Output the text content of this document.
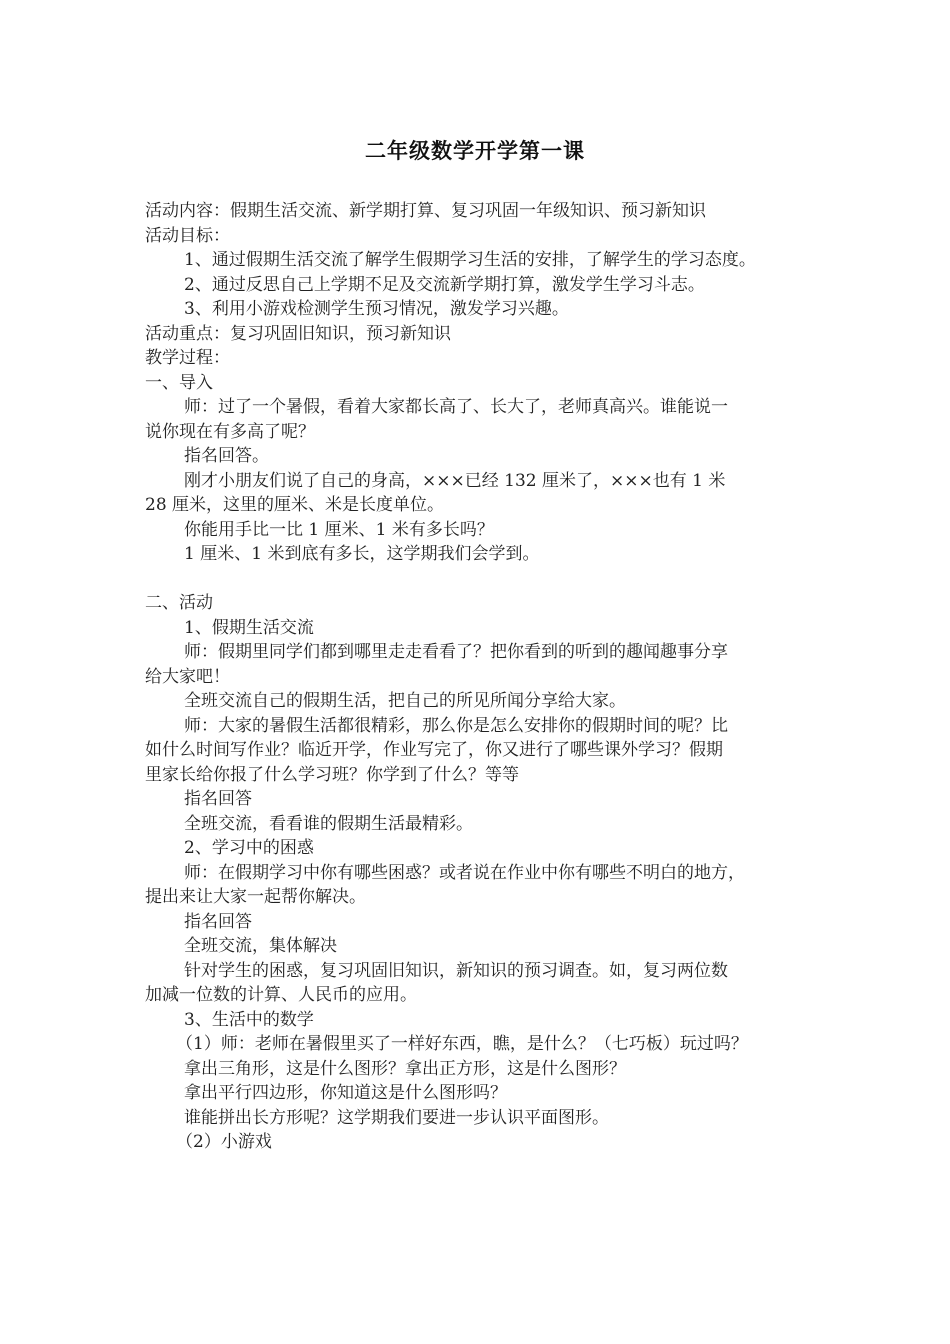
二年级数学开学第一课
活动内容：假期生活交流、新学期打算、复习巩固一年级知识、预习新知识
活动目标：
1、通过假期生活交流了解学生假期学习生活的安排，了解学生的学习态度。
2、通过反思自己上学期不足及交流新学期打算，激发学生学习斗志。
3、利用小游戏检测学生预习情况，激发学习兴趣。
活动重点：复习巩固旧知识，预习新知识
教学过程：
一、导入
师：过了一个暑假，看着大家都长高了、长大了，老师真高兴。谁能说一
说你现在有多高了呢？
指名回答。
刚才小朋友们说了自己的身高，×××已经 132 厘米了，×××也有 1 米
28 厘米，这里的厘米、米是长度单位。
你能用手比一比 1 厘米、1 米有多长吗？
1 厘米、1 米到底有多长，这学期我们会学到。
二、活动
1、假期生活交流
师：假期里同学们都到哪里走走看看了？把你看到的听到的趣闻趣事分享
给大家吧！
全班交流自己的假期生活，把自己的所见所闻分享给大家。
师：大家的暑假生活都很精彩，那么你是怎么安排你的假期时间的呢？比
如什么时间写作业？临近开学，作业写完了，你又进行了哪些课外学习？假期
里家长给你报了什么学习班？你学到了什么？等等
指名回答
全班交流，看看谁的假期生活最精彩。
2、学习中的困惑
师：在假期学习中你有哪些困惑？或者说在作业中你有哪些不明白的地方，
提出来让大家一起帮你解决。
指名回答
全班交流，集体解决
针对学生的困惑，复习巩固旧知识，新知识的预习调查。如，复习两位数
加减一位数的计算、人民币的应用。
3、生活中的数学
（1）师：老师在暑假里买了一样好东西，瞧，是什么？（七巧板）玩过吗？
拿出三角形，这是什么图形？拿出正方形，这是什么图形？
拿出平行四边形，你知道这是什么图形吗？
谁能拼出长方形呢？这学期我们要进一步认识平面图形。
（2）小游戏
